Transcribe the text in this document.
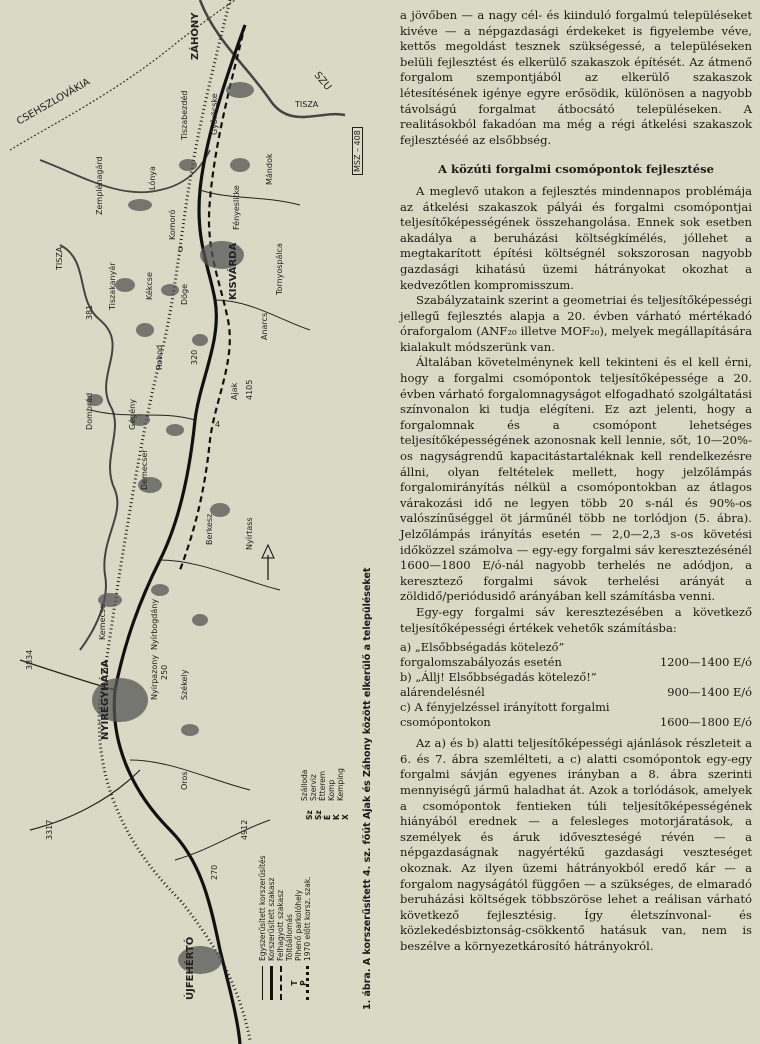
ZÁHONY
CSEHSZLOVÁKIA	SZU
TISZA
TISZA
Győröcske
Tiszabezdéd
Zemplénagárd	Lónya
Komoró	Fényeslitke
Mándok
KISVÁRDA	Tornyospálca
Tiszakanyár	Döge
Anarcs
Kékcse
Rohod
Ajak
Demecser
Gégény
Berkesz
Dombrád
Kemecse
Nyírtass
Székely
Nyírbogdány
NYÍREGYHÁZA
Oros
Nyírpazony
ÚJFEHÉRTÓ
4
320
381
3834
4105
270
4912
3317
250
0
MSZ – 408
Egyszerűsített korszerűsítés Korszerűsített szakasz Felhagyott szakasz
T
Töltőállomás
P
Pihenő parkolóhely 1970 előtt korsz. szak.
Sz
Szálloda
Sz
Szerviz
É
Étterem
K
Komp
X
Kemping 1. ábra. A korszerűsített 4. sz. főút Ajak és Záhony között elkerülő a településeket

a jövőben — a nagy cél- és kiinduló forgalmú településeket kivéve — a népgazdasági érdekeket is figyelembe véve, kettős megoldást tesznek szükségessé, a településeken belüli fejlesztést és elkerülő szakaszok építését. Az átmenő forgalom szempontjából az elkerülő szakaszok létesítésének igénye egyre erősödik, különösen a nagyobb távolságú forgalmat átbocsátó településeken. A realitásokból fakadóan ma még a régi átkelési szakaszok fejlesztéséé az elsőbbség.

A közúti forgalmi csomópontok fejlesztése

A meglevő utakon a fejlesztés mindennapos problémája az átkelési szakaszok pályái és forgalmi csomópontjai teljesítőképességének összehangolása. Ennek sok esetben akadálya a beruházási költségkímélés, jóllehet a megtakarított építési költségnél sokszorosan nagyobb gazdasági kihatású üzemi hátrányokat okozhat a kedvezőtlen kompromisszum.

Szabályzataink szerint a geometriai és teljesítőképességi jellegű fejlesztés alapja a 20. évben várható mértékadó óraforgalom (ANF₂₀ illetve MOF₂₀), melyek megállapítására kialakult módszerünk van.

Általában követelménynek kell tekinteni és el kell érni, hogy a forgalmi csomópontok teljesítőképessége a 20. évben várható forgalomnagyságot elfogadható szolgáltatási színvonalon ki tudja elégíteni. Ez azt jelenti, hogy a forgalomnak és a csomópont lehetséges teljesítőképességének azonosnak kell lennie, sőt, 10—20%-os nagyságrendű kapacitástartaléknak kell rendelkezésre állni, olyan feltételek mellett, hogy jelzőlámpás forgalomirányítás nélkül a csomópontokban az átlagos várakozási idő ne legyen több 20 s-nál és 90%-os valószínűséggel öt járműnél több ne torlódjon (5. ábra). Jelzőlámpás irányítás esetén — 2,0—2,3 s-os követési időközzel számolva — egy-egy forgalmi sáv keresztezésénél 1600—1800 E/ó-nál nagyobb terhelés ne adódjon, a keresztező forgalmi sávok terhelési arányát a zöldidő/periódusidő arányában kell számításba venni.

Egy-egy forgalmi sáv keresztezésében a következő teljesítőképességi értékek vehetők számításba:

a) „Elsőbbségadás kötelező” forgalomszabályozás esetén	1200—1400 E/ó
b) „Állj! Elsőbbségadás kötelező!” alárendelésnél	900—1400 E/ó
c) A fényjelzéssel irányított forgalmi csomópontokon	1600—1800 E/ó

Az a) és b) alatti teljesítőképességi ajánlások részleteit a 6. és 7. ábra szemlélteti, a c) alatti csomópontok egy-egy forgalmi sávján egyenes irányban a 8. ábra szerinti mennyiségű jármű haladhat át. Azok a torlódások, amelyek a csomópontok fentieken túli teljesítőképességének hiányából erednek — a felesleges motorjáratások, a személyek és áruk időveszteségé révén — a népgazdaságnak nagyértékű gazdasági veszteséget okoznak. Az ilyen üzemi hátrányokból eredő kár — a forgalom nagyságától függően — a szükséges, de elmaradó beruházási költségek többszöröse lehet a reálisan várható következő fejlesztésig. Így életszínvonal- és közlekedésbiztonság-csökkentő hatásuk van, nem is beszélve a környezetkárosító hátrányokról.
